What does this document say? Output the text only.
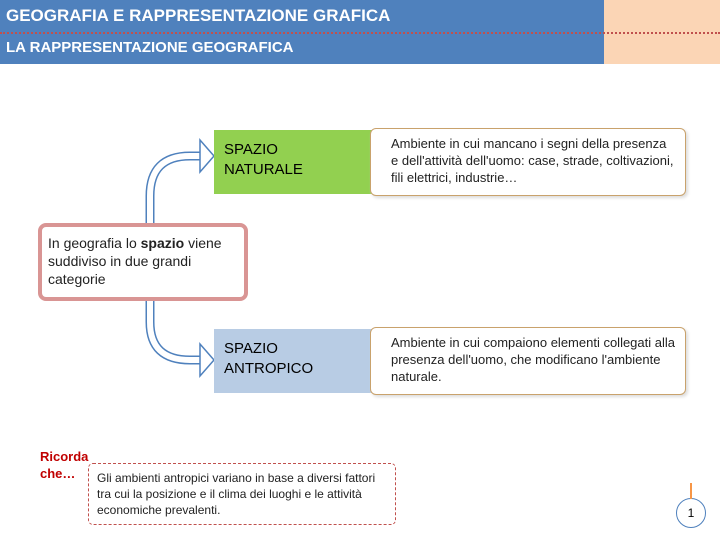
GEOGRAFIA E RAPPRESENTAZIONE GRAFICA
LA RAPPRESENTAZIONE GEOGRAFICA
SPAZIO
NATURALE
Ambiente in cui mancano i segni della presenza e dell'attività dell'uomo: case, strade, coltivazioni, fili elettrici, industrie…
SPAZIO
ANTROPICO
Ambiente in cui compaiono elementi collegati alla presenza dell'uomo, che modificano l'ambiente naturale.
In geografia lo spazio viene suddiviso in due grandi categorie
Ricorda
che…	Gli ambienti antropici variano in base a diversi fattori tra cui la posizione e il clima dei luoghi e le attività economiche prevalenti.	1
